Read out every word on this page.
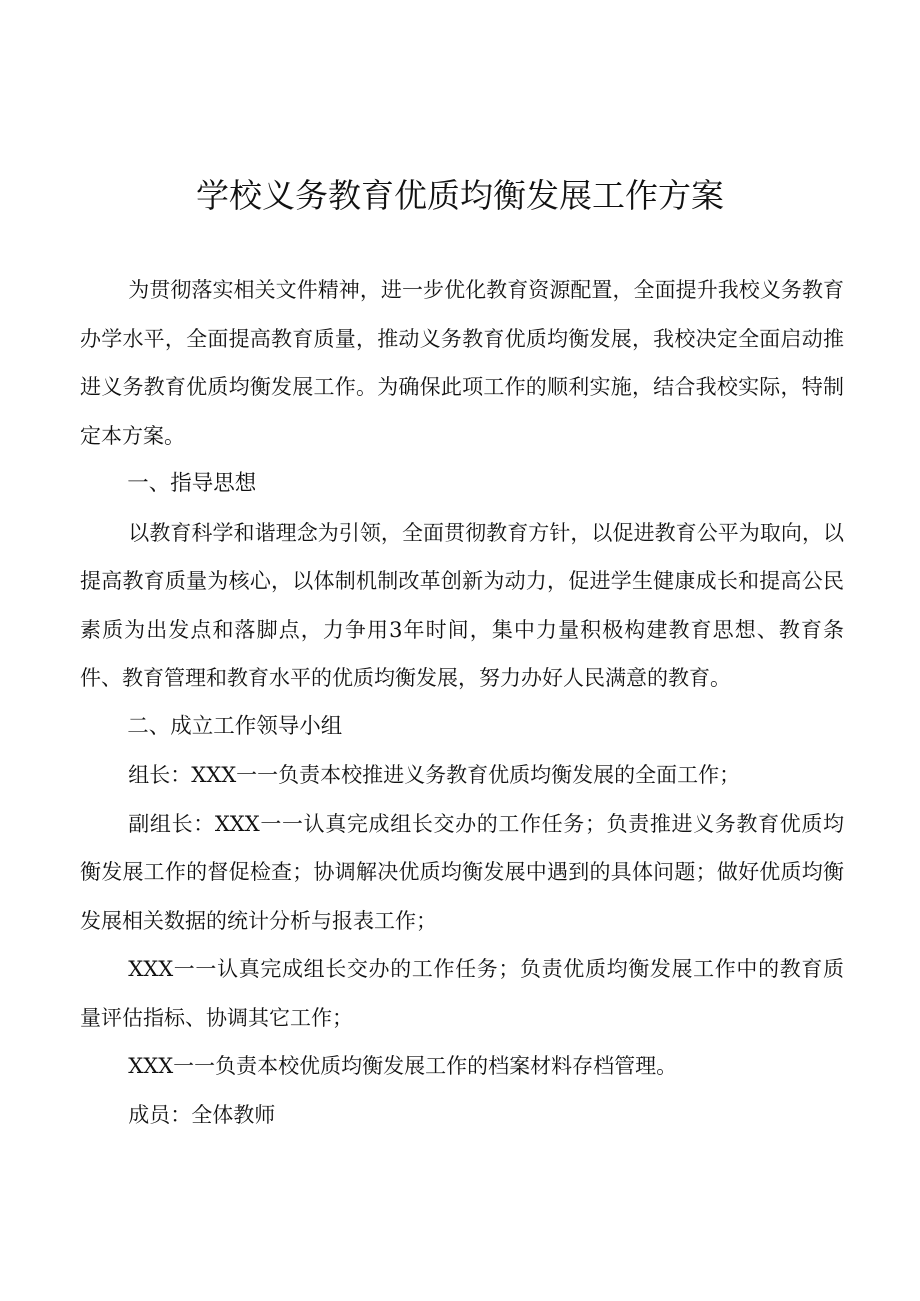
学校义务教育优质均衡发展工作方案

为贯彻落实相关文件精神，进一步优化教育资源配置，全面提升我校义务教育办学水平，全面提高教育质量，推动义务教育优质均衡发展，我校决定全面启动推进义务教育优质均衡发展工作。为确保此项工作的顺利实施，结合我校实际，特制定本方案。

一、指导思想

以教育科学和谐理念为引领，全面贯彻教育方针，以促进教育公平为取向，以提高教育质量为核心，以体制机制改革创新为动力，促进学生健康成长和提高公民素质为出发点和落脚点，力争用3年时间，集中力量积极构建教育思想、教育条件、教育管理和教育水平的优质均衡发展，努力办好人民满意的教育。

二、成立工作领导小组

组长：XXX一一负责本校推进义务教育优质均衡发展的全面工作；

副组长：XXX一一认真完成组长交办的工作任务；负责推进义务教育优质均衡发展工作的督促检查；协调解决优质均衡发展中遇到的具体问题；做好优质均衡发展相关数据的统计分析与报表工作；

XXX一一认真完成组长交办的工作任务；负责优质均衡发展工作中的教育质量评估指标、协调其它工作；

XXX一一负责本校优质均衡发展工作的档案材料存档管理。

成员：全体教师
